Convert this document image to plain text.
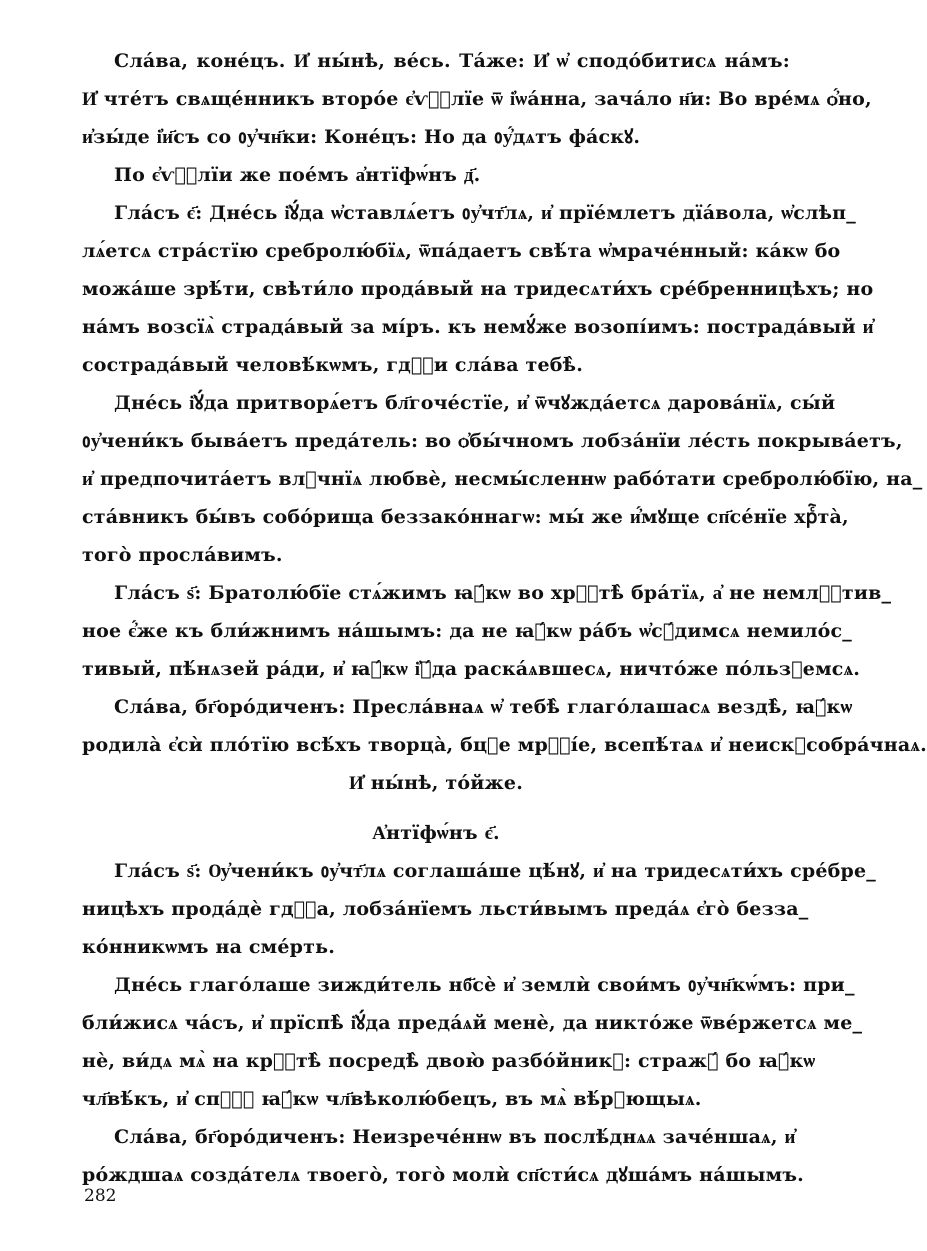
Сла́ва, коне́цъ. И҆ ны́нѣ, ве́сь. Та́же: И҆ ѡ҆ сподо́битисѧ на́мъ:
И҆ чте́тъ свѧще́нникъ второ́е є҆ѵⷢ҇лїе ѿ і҆ѡа́нна, зача́ло н҃и: Во вре́мѧ ѻ҆́но,
и҆зы́де і҆и҃съ со ᲂу҆чн҃ки: Коне́цъ: Но да ᲂу҆́дѧтъ фа́скꙋ.
По є҆ѵⷢ҇лїи же пое́мъ а҆нтїфѡ́нъ д҃.
Гла́съ є҃: Дне́сь і҆ꙋ́да ѡ҆ставлѧ́етъ ᲂу҆чт҃лѧ, и҆ прїе́млетъ дїа́вола, ѡ҆слѣп_
лѧ́етсѧ стра́стїю сребролю́бїѧ, ѿпа́даетъ свѣ́та ѡ҆мраче́нный: ка́кѡ бо
можа́ше зрѣ́ти, свѣти́ло прода́вый на тридесѧти́хъ сре́бренницѣхъ; но
на́мъ возсїѧ̀ страда́вый за мі́ръ. къ немꙋ́же возопі́имъ: пострада́вый и҆
сострада́вый человѣ́кѡмъ, гдⷭ҇и сла́ва тебѣ̀.
Дне́сь і҆ꙋ́да притворѧ́етъ бл҃гоче́стїе, и҆ ѿчꙋжда́етсѧ дарова́нїѧ, сы́й
ᲂу҆чени́къ быва́етъ преда́тель: во ѻ҆бы́чномъ лобза́нїи ле́сть покрыва́етъ,
и҆ предпочита́етъ влⷣчнїѧ любвѐ, несмы́сленнѡ рабо́тати сребролю́бїю, на_
ста́вникъ бы́въ собо́рища беззако́ннагѡ: мы́ же и҆́мꙋще сп҃се́нїе хрⷭ҇та̀,
того̀ просла́вимъ.
Гла́съ ѕ҃: Братолю́бїе стѧ́жимъ ꙗ҆́кѡ во хрⷭ҇тѣ̀ бра́тїѧ, а҆ не немлⷭ҇тив_
ное є҆́же къ бли́жнимъ на́шымъ: да не ꙗ҆́кѡ ра́бъ ѡ҆сꙋ́димсѧ немило́с_
тивый, пѣ́нѧзей ра́ди, и҆ ꙗ҆́кѡ і҆ꙋ́да раска́ѧвшесѧ, ничто́же по́льзꙋемсѧ.
Сла́ва, бг҃оро́диченъ: Пресла́внаѧ ѡ҆ тебѣ̀ глаго́лашасѧ вездѣ̀, ꙗ҆́кѡ
родила̀ є҆сѝ пло́тїю всѣ́хъ творца̀, бцⷣе мрⷭ҇і́е, всепѣ́таѧ и҆ неискꙋсобра́чнаѧ.
И҆ ны́нѣ, то́йже.
А҆нтїфѡ́нъ є҃.
Гла́съ ѕ҃: Ѹ҆чени́къ ᲂу҆чт҃лѧ соглаша́ше цѣ́нꙋ, и҆ на тридесѧти́хъ сре́бре_
ницѣхъ прода́дѐ гдⷭ҇а, лобза́нїемъ льсти́вымъ преда́ѧ є҆го̀ безза_
ко́нникѡмъ на сме́рть.
Дне́сь глаго́лаше зижди́тель нб҃сѐ и҆ землѝ свои́мъ ᲂу҆чн҃кѡ́мъ: при_
бли́жисѧ ча́съ, и҆ прїспѣ̀ і҆ꙋ́да преда́ѧй менѐ, да никто́же ѿве́ржетсѧ ме_
нѐ, ви́дѧ мѧ̀ на крⷭ҇тѣ̀ посредѣ̀ двою̀ разбо́йникꙋ: стражꙋ́ бо ꙗ҆́кѡ
чл҃вѣ́къ, и҆ спⷭ҇ꙋ ꙗ҆́кѡ чл҃вѣколю́бецъ, въ мѧ̀ вѣ́рꙋющыѧ.
Сла́ва, бг҃оро́диченъ: Неизрече́ннѡ въ послѣ́днѧѧ заче́ншаѧ, и҆
ро́ждшаѧ созда́телѧ твоего̀, того̀ молѝ сп҃сти́сѧ дꙋша́мъ на́шымъ.
282
